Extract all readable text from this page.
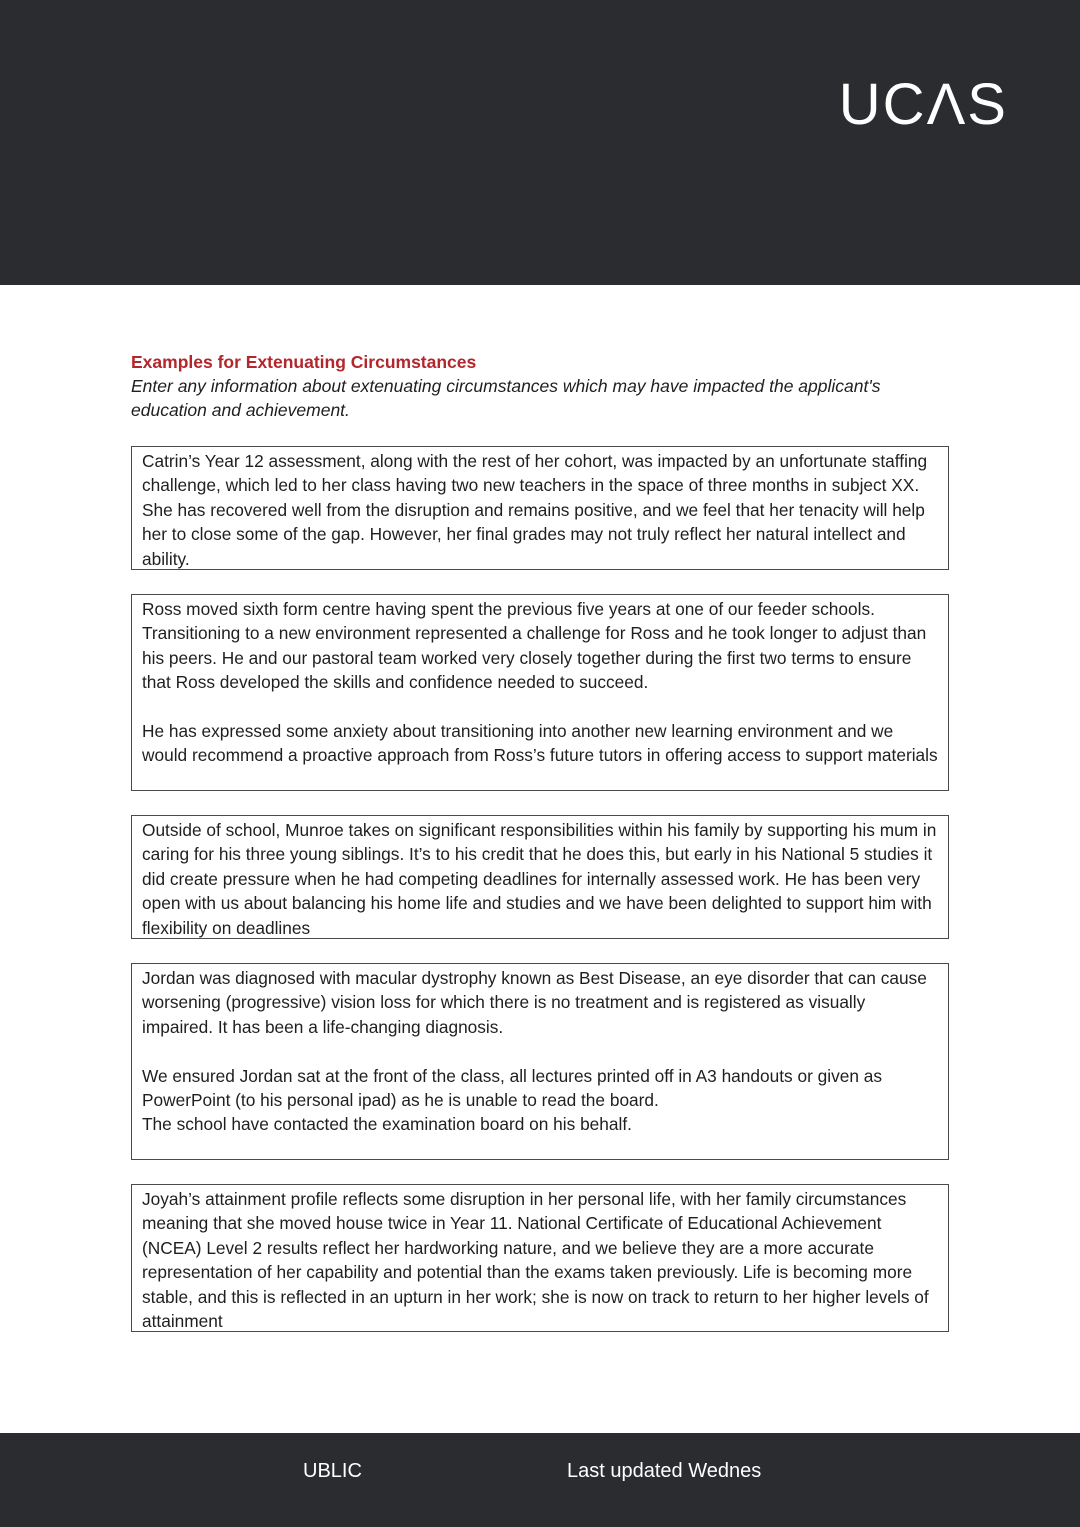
UCΛS

Examples for Extenuating Circumstances

Enter any information about extenuating circumstances which may have impacted the applicant's education and achievement.

Catrin’s Year 12 assessment, along with the rest of her cohort, was impacted by an unfortunate staffing challenge, which led to her class having two new teachers in the space of three months in subject XX. She has recovered well from the disruption and remains positive, and we feel that her tenacity will help her to close some of the gap. However, her final grades may not truly reflect her natural intellect and ability.

Ross moved sixth form centre having spent the previous five years at one of our feeder schools. Transitioning to a new environment represented a challenge for Ross and he took longer to adjust than his peers. He and our pastoral team worked very closely together during the first two terms to ensure that Ross developed the skills and confidence needed to succeed.

He has expressed some anxiety about transitioning into another new learning environment and we would recommend a proactive approach from Ross’s future tutors in offering access to support materials

Outside of school, Munroe takes on significant responsibilities within his family by supporting his mum in caring for his three young siblings. It’s to his credit that he does this, but early in his National 5 studies it did create pressure when he had competing deadlines for internally assessed work. He has been very open with us about balancing his home life and studies and we have been delighted to support him with flexibility on deadlines

Jordan was diagnosed with macular dystrophy known as Best Disease, an eye disorder that can cause worsening (progressive) vision loss for which there is no treatment and is registered as visually impaired. It has been a life-changing diagnosis.

We ensured Jordan sat at the front of the class, all lectures printed off in A3 handouts or given as PowerPoint (to his personal ipad) as he is unable to read the board.

The school have contacted the examination board on his behalf.

Joyah’s attainment profile reflects some disruption in her personal life, with her family circumstances meaning that she moved house twice in Year 11. National Certificate of Educational Achievement (NCEA) Level 2 results reflect her hardworking nature, and we believe they are a more accurate representation of her capability and potential than the exams taken previously. Life is becoming more stable, and this is reflected in an upturn in her work; she is now on track to return to her higher levels of attainment

UBLIC	Last updated Wednes
